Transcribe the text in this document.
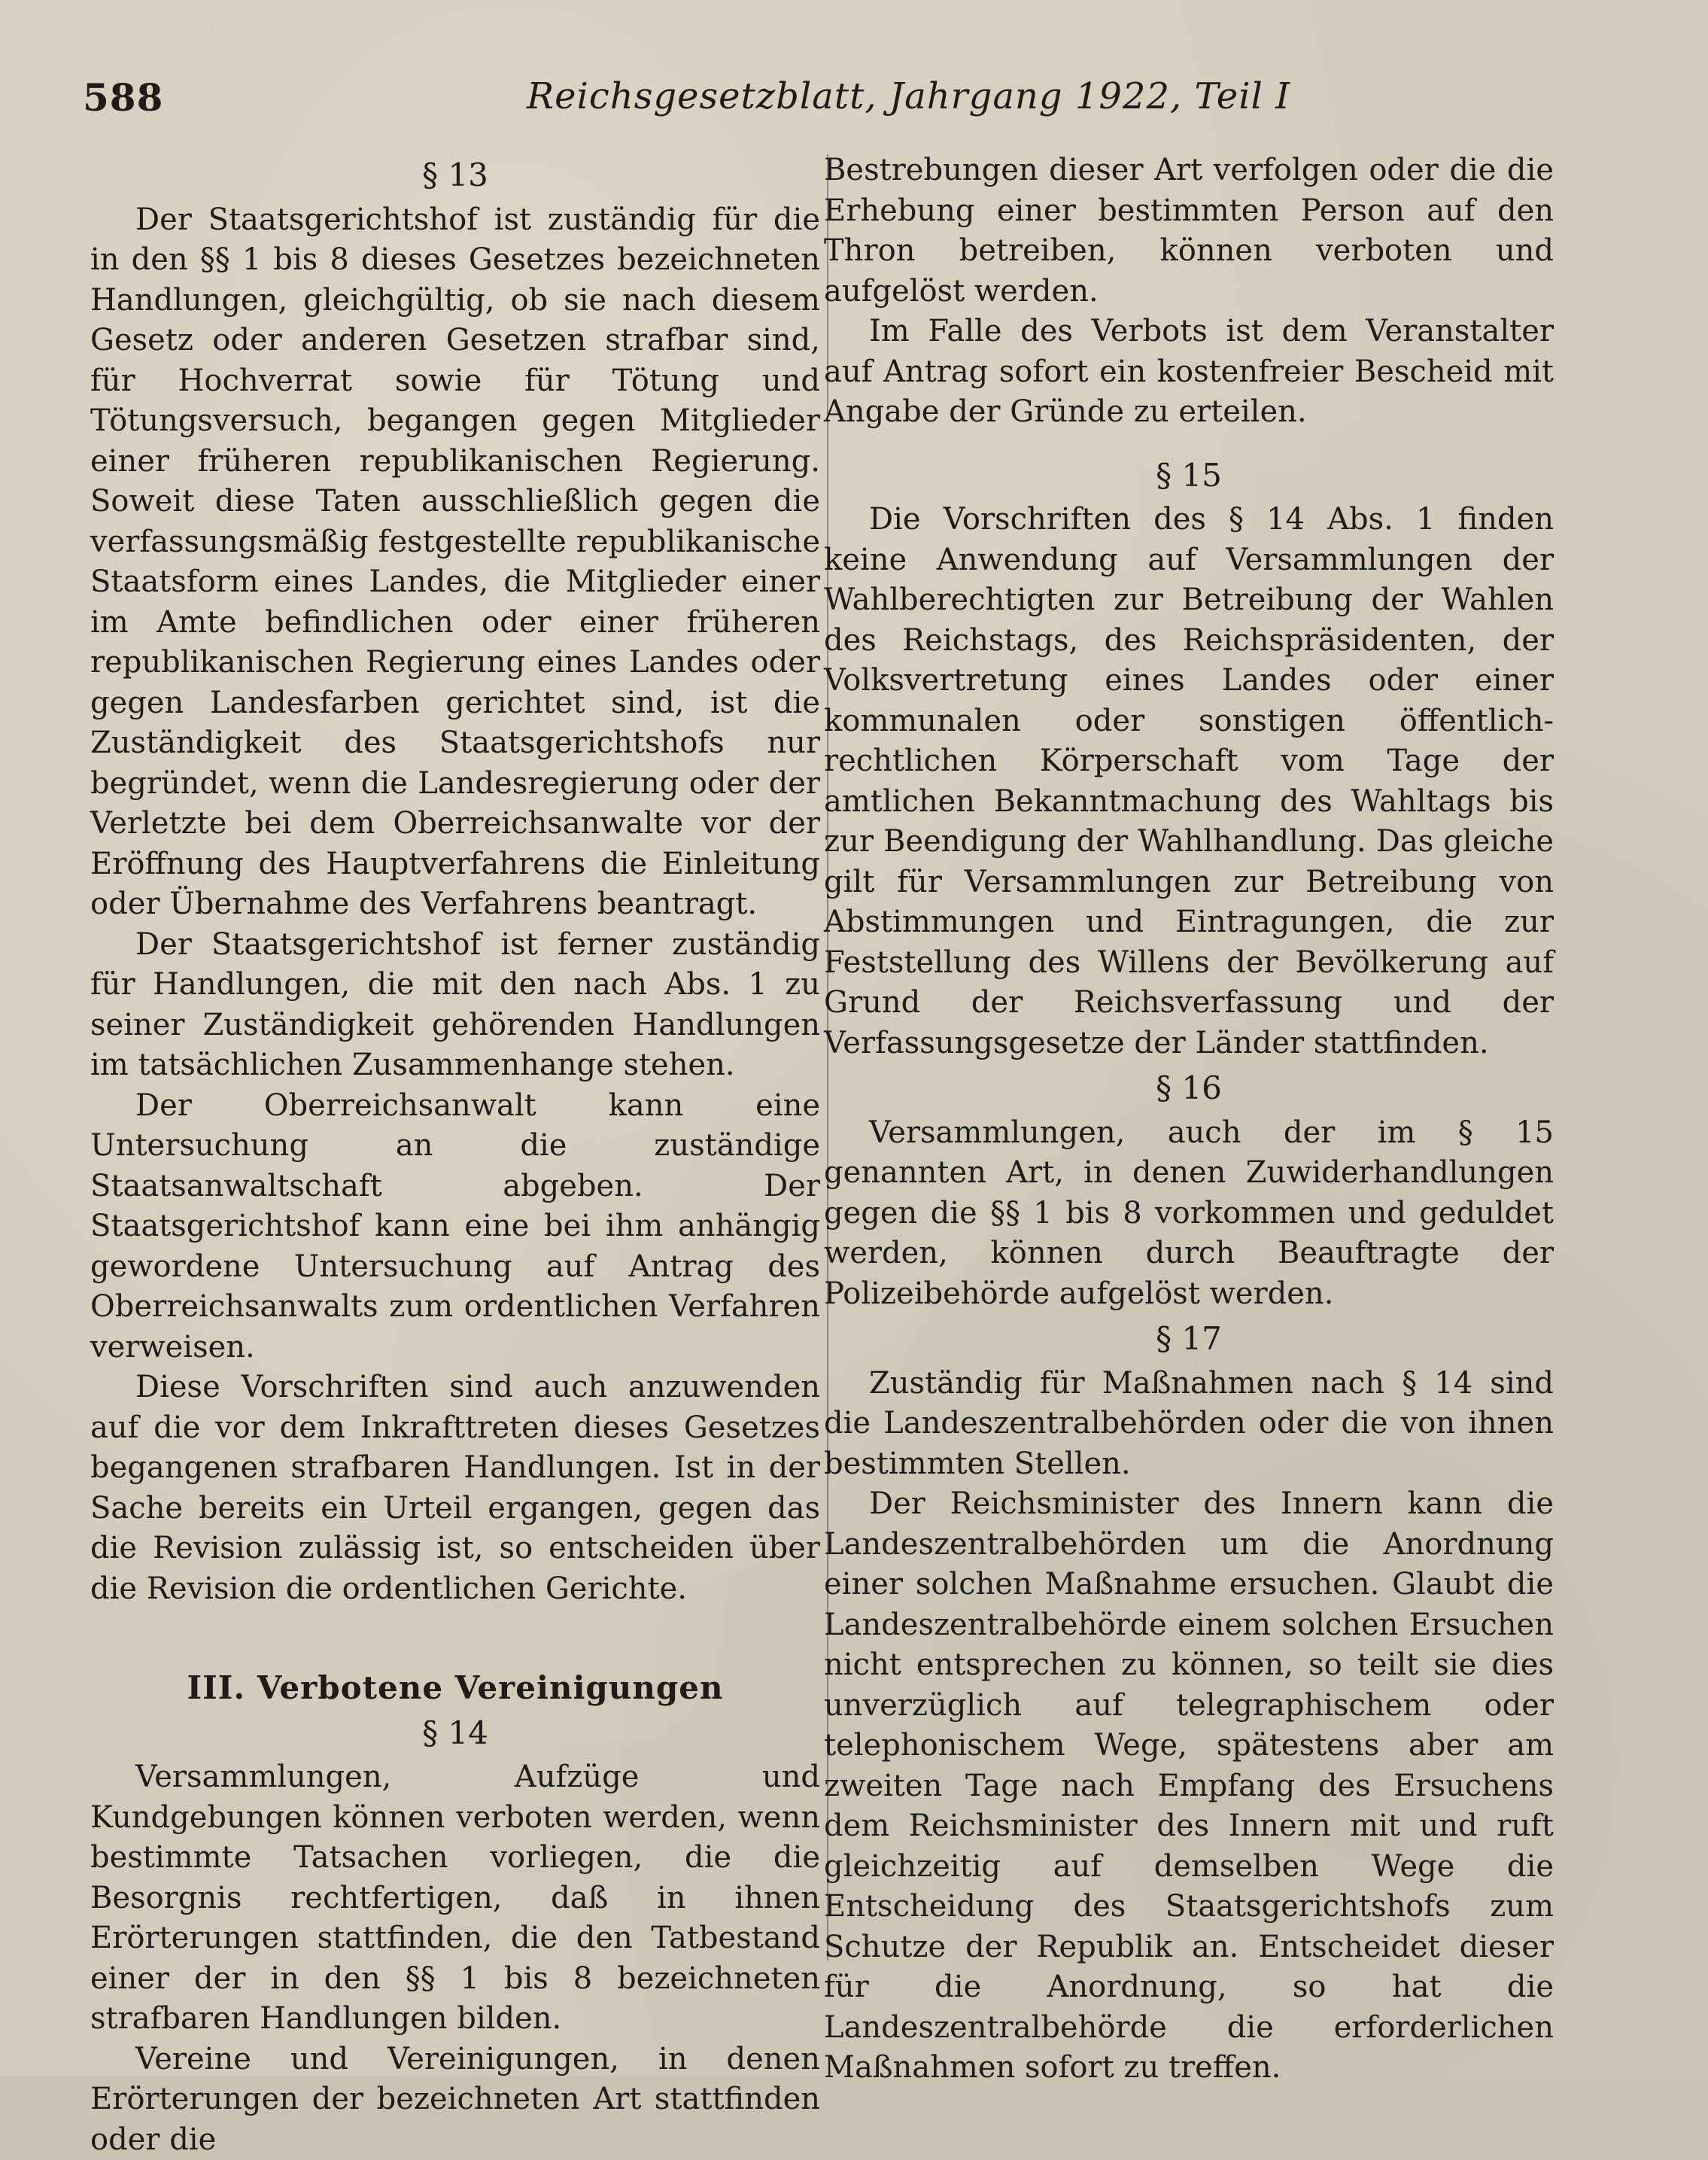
588	Reichsgesetzblatt, Jahrgang 1922, Teil I
§ 13

Der Staatsgerichtshof ist zuständig für die in den §§ 1 bis 8 dieses Gesetzes bezeichneten Handlungen, gleichgültig, ob sie nach diesem Gesetz oder anderen Gesetzen strafbar sind, für Hochverrat sowie für Tötung und Tötungsversuch, begangen gegen Mitglieder einer früheren republikanischen Regierung. Soweit diese Taten ausschließlich gegen die verfassungsmäßig festgestellte republikanische Staatsform eines Landes, die Mitglieder einer im Amte befindlichen oder einer früheren republikanischen Regierung eines Landes oder gegen Landesfarben gerichtet sind, ist die Zuständigkeit des Staatsgerichtshofs nur begründet, wenn die Landesregierung oder der Verletzte bei dem Oberreichsanwalte vor der Eröffnung des Hauptverfahrens die Einleitung oder Übernahme des Verfahrens beantragt.

Der Staatsgerichtshof ist ferner zuständig für Handlungen, die mit den nach Abs. 1 zu seiner Zuständigkeit gehörenden Handlungen im tatsächlichen Zusammenhange stehen.

Der Oberreichsanwalt kann eine Untersuchung an die zuständige Staatsanwaltschaft abgeben. Der Staatsgerichtshof kann eine bei ihm anhängig gewordene Untersuchung auf Antrag des Oberreichsanwalts zum ordentlichen Verfahren verweisen.

Diese Vorschriften sind auch anzuwenden auf die vor dem Inkrafttreten dieses Gesetzes begangenen strafbaren Handlungen. Ist in der Sache bereits ein Urteil ergangen, gegen das die Revision zulässig ist, so entscheiden über die Revision die ordentlichen Gerichte.

III. Verbotene Vereinigungen
§ 14

Versammlungen, Aufzüge und Kundgebungen können verboten werden, wenn bestimmte Tatsachen vorliegen, die die Besorgnis rechtfertigen, daß in ihnen Erörterungen stattfinden, die den Tatbestand einer der in den §§ 1 bis 8 bezeichneten strafbaren Handlungen bilden.

Vereine und Vereinigungen, in denen Erörterungen der bezeichneten Art stattfinden oder die

Bestrebungen dieser Art verfolgen oder die die Erhebung einer bestimmten Person auf den Thron betreiben, können verboten und aufgelöst werden.

Im Falle des Verbots ist dem Veranstalter auf Antrag sofort ein kostenfreier Bescheid mit Angabe der Gründe zu erteilen.

§ 15

Die Vorschriften des § 14 Abs. 1 finden keine Anwendung auf Versammlungen der Wahlberechtigten zur Betreibung der Wahlen des Reichstags, des Reichspräsidenten, der Volksvertretung eines Landes oder einer kommunalen oder sonstigen öffentlich-rechtlichen Körperschaft vom Tage der amtlichen Bekanntmachung des Wahltags bis zur Beendigung der Wahlhandlung. Das gleiche gilt für Versammlungen zur Betreibung von Abstimmungen und Eintragungen, die zur Feststellung des Willens der Bevölkerung auf Grund der Reichsverfassung und der Verfassungsgesetze der Länder stattfinden.

§ 16

Versammlungen, auch der im § 15 genannten Art, in denen Zuwiderhandlungen gegen die §§ 1 bis 8 vorkommen und geduldet werden, können durch Beauftragte der Polizeibehörde aufgelöst werden.

§ 17

Zuständig für Maßnahmen nach § 14 sind die Landeszentralbehörden oder die von ihnen bestimmten Stellen.

Der Reichsminister des Innern kann die Landeszentralbehörden um die Anordnung einer solchen Maßnahme ersuchen. Glaubt die Landeszentralbehörde einem solchen Ersuchen nicht entsprechen zu können, so teilt sie dies unverzüglich auf telegraphischem oder telephonischem Wege, spätestens aber am zweiten Tage nach Empfang des Ersuchens dem Reichsminister des Innern mit und ruft gleichzeitig auf demselben Wege die Entscheidung des Staatsgerichtshofs zum Schutze der Republik an. Entscheidet dieser für die Anordnung, so hat die Landeszentralbehörde die erforderlichen Maßnahmen sofort zu treffen.
